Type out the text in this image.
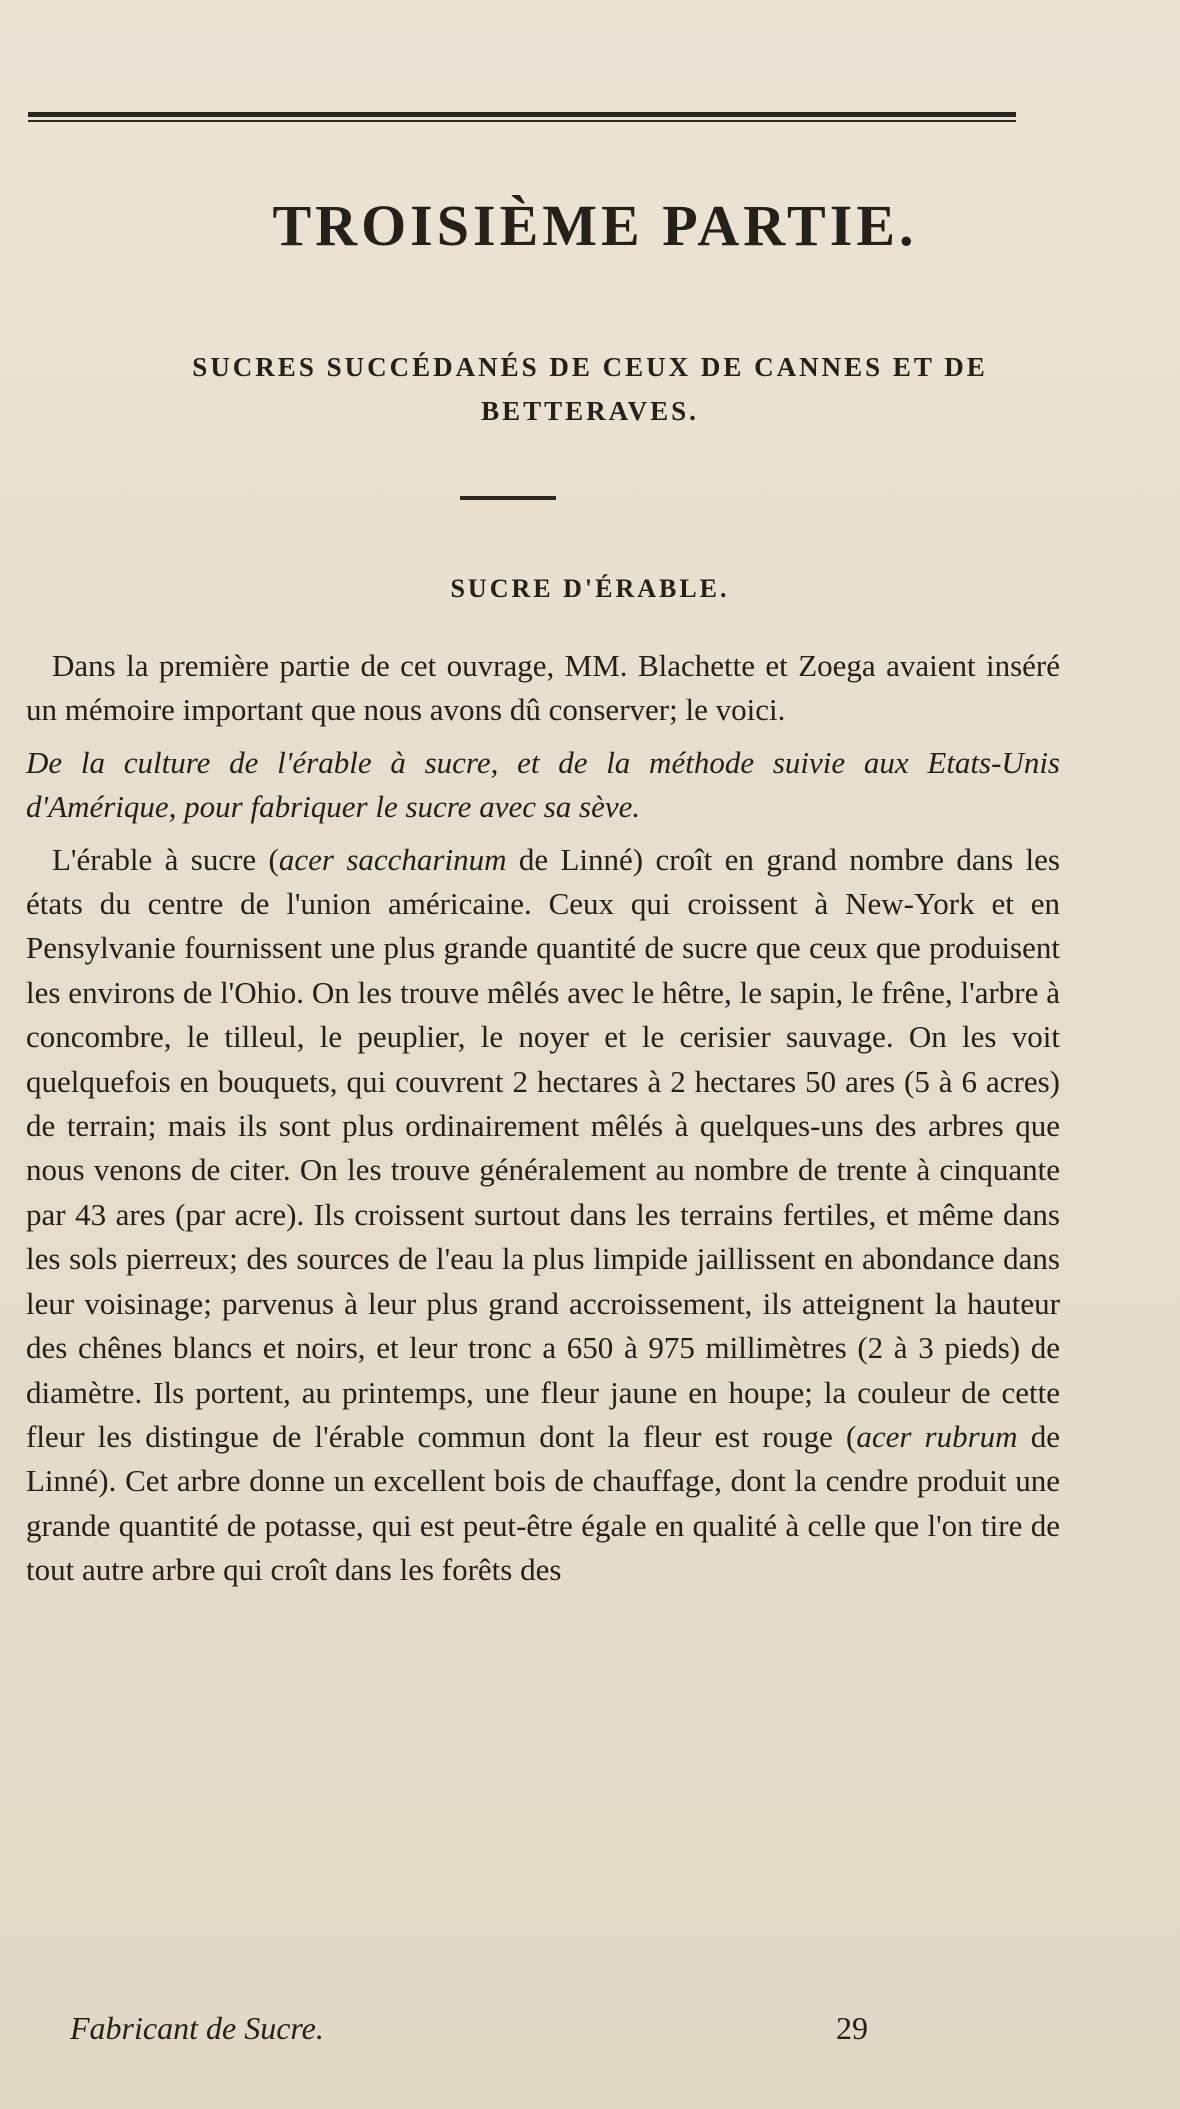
TROISIÈME PARTIE.
SUCRES SUCCÉDANÉS DE CEUX DE CANNES ET DE
BETTERAVES.
SUCRE D'ÉRABLE.

Dans la première partie de cet ouvrage, MM. Blachette et Zoega avaient inséré un mémoire important que nous avons dû conserver; le voici.

De la culture de l'érable à sucre, et de la méthode suivie aux Etats-Unis d'Amérique, pour fabriquer le sucre avec sa sève.

L'érable à sucre (acer saccharinum de Linné) croît en grand nombre dans les états du centre de l'union américaine. Ceux qui croissent à New-York et en Pensylvanie fournissent une plus grande quantité de sucre que ceux que produisent les environs de l'Ohio. On les trouve mêlés avec le hêtre, le sapin, le frêne, l'arbre à concombre, le tilleul, le peuplier, le noyer et le cerisier sauvage. On les voit quelquefois en bouquets, qui couvrent 2 hectares à 2 hectares 50 ares (5 à 6 acres) de terrain; mais ils sont plus ordinairement mêlés à quelques-uns des arbres que nous venons de citer. On les trouve généralement au nombre de trente à cinquante par 43 ares (par acre). Ils croissent surtout dans les terrains fertiles, et même dans les sols pierreux; des sources de l'eau la plus limpide jaillissent en abondance dans leur voisinage; parvenus à leur plus grand accroissement, ils atteignent la hauteur des chênes blancs et noirs, et leur tronc a 650 à 975 millimètres (2 à 3 pieds) de diamètre. Ils portent, au printemps, une fleur jaune en houpe; la couleur de cette fleur les distingue de l'érable commun dont la fleur est rouge (acer rubrum de Linné). Cet arbre donne un excellent bois de chauffage, dont la cendre produit une grande quantité de potasse, qui est peut-être égale en qualité à celle que l'on tire de tout autre arbre qui croît dans les forêts des

Fabricant de Sucre.	29
